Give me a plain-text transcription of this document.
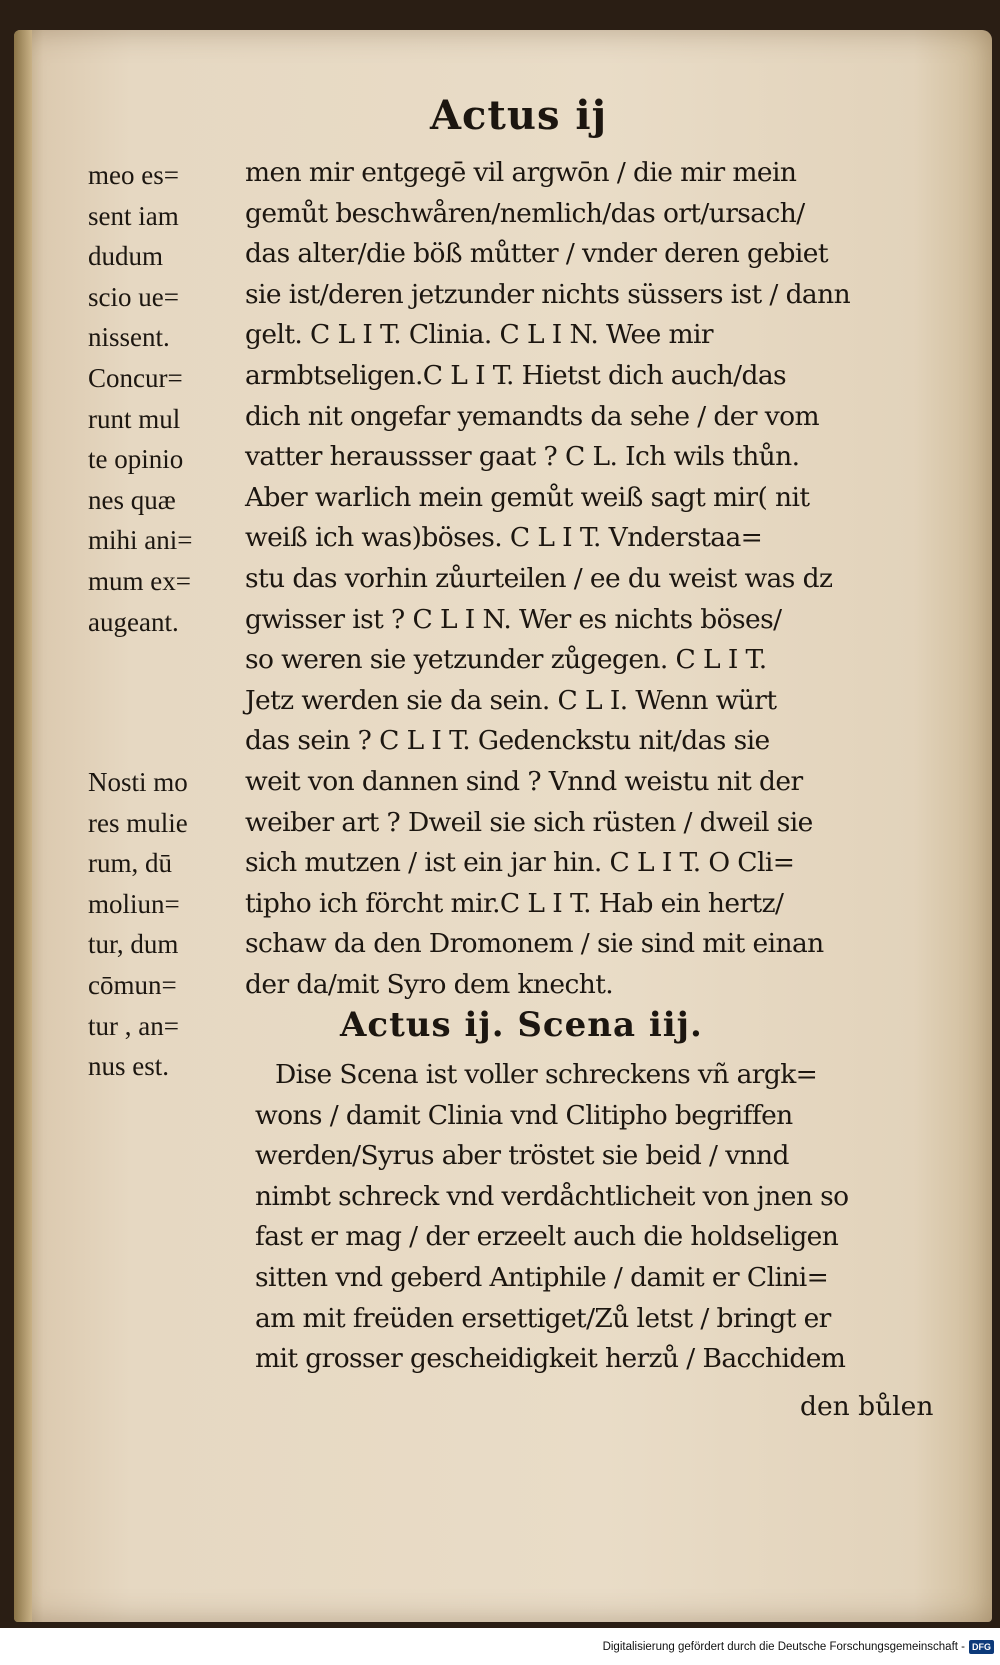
Actus ij
meo es=
sent iam
dudum
scio ue=
nissent.
Concur=
runt mul
te opinio
nes quæ
mihi ani=
mum ex=
augeant.
Nosti mo
res mulie
rum, dū
moliun=
tur, dum
cōmun=
tur , an=
nus est.
men mir entgegē vil argwōn / die mir mein
gemůt beschwåren/nemlich/das ort/ursach/
das alter/die böß můtter / vnder deren gebiet
sie ist/deren jetzunder nichts süssers ist / dann
gelt. C L I T. Clinia. C L I N. Wee mir
armbtseligen.C L I T. Hietst dich auch/das
dich nit ongefar yemandts da sehe / der vom
vatter heraussser gaat ? C L. Ich wils thůn.
Aber warlich mein gemůt weiß sagt mir( nit
weiß ich was)böses. C L I T. Vnderstaa=
stu das vorhin zůurteilen / ee du weist was dz
gwisser ist ? C L I N. Wer es nichts böses/
so weren sie yetzunder zůgegen. C L I T.
Jetz werden sie da sein. C L I. Wenn würt
das sein ? C L I T. Gedenckstu nit/das sie
weit von dannen sind ? Vnnd weistu nit der
weiber art ? Dweil sie sich rüsten / dweil sie
sich mutzen / ist ein jar hin. C L I T. O Cli=
tipho ich förcht mir.C L I T. Hab ein hertz/
schaw da den Dromonem / sie sind mit einan
der da/mit Syro dem knecht.
Actus ij. Scena iij.
Dise Scena ist voller schreckens vñ argk=
wons / damit Clinia vnd Clitipho begriffen
werden/Syrus aber tröstet sie beid / vnnd
nimbt schreck vnd verdåchtlicheit von jnen so
fast er mag / der erzeelt auch die holdseligen
sitten vnd geberd Antiphile / damit er Clini=
am mit freüden ersettiget/Zů letst / bringt er
mit grosser gescheidigkeit herzů / Bacchidem
den bůlen
Digitalisierung gefördert durch die Deutsche Forschungsgemeinschaft - DFG
